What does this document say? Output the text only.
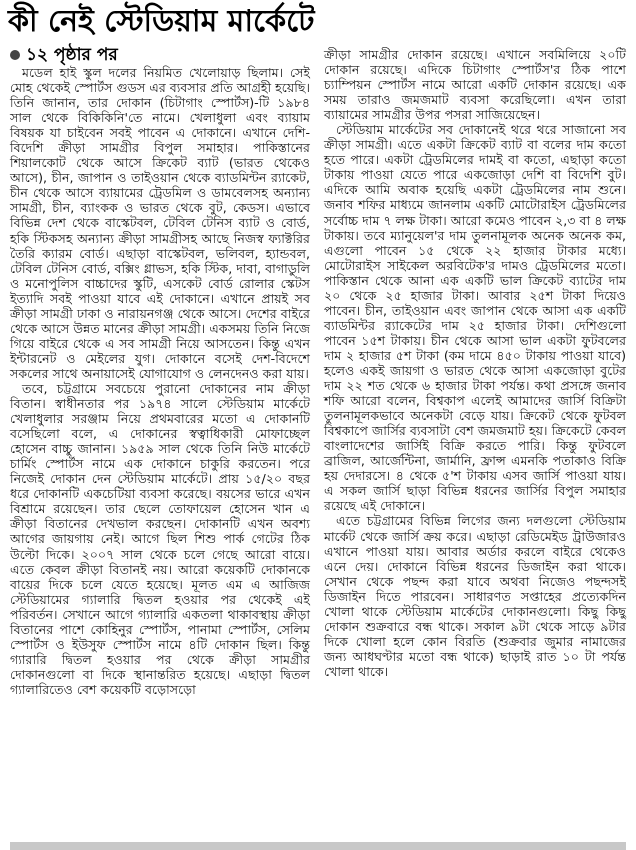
কী নেই স্টেডিয়াম মার্কেটে
১২ পৃষ্ঠার পর

মডেল হাই স্কুল দলের নিয়মিত খেলোয়াড় ছিলাম। সেই মোহ থেকেই স্পোর্টস গুডস এর ব্যবসার প্রতি আগ্রহী হয়েছি। তিনি জানান, তার দোকান (চিটাগাং স্পোর্টস)-টি ১৯৮৪ সাল থেকে বিকিকিনি'তে নামে। খেলাধুলা এবং ব্যায়াম বিষয়ক যা চাইবেন সবই পাবেন এ দোকানে। এখানে দেশি-বিদেশি ক্রীড়া সামগ্রীর বিপুল সমাহার। পাকিস্তানের শিয়ালকোট থেকে আসে ক্রিকেট ব্যাট (ভারত থেকেও আসে), চীন, জাপান ও তাইওয়ান থেকে ব্যাডমিন্টন র‍্যাকেট, চীন থেকে আসে ব্যায়ামের ট্রেডমিল ও ডামবেলসহ অন্যান্য সামগ্রী, চীন, ব্যাংকক ও ভারত থেকে বুট, কেডস। এভাবে বিভিন্ন দেশ থেকে বাস্কেটবল, টেবিল টেনিস ব্যাট ও বোর্ড, হকি স্টিকসহ অন্যান্য ক্রীড়া সামগ্রীসহ আছে নিজস্ব ফ্যাক্টরির তৈরি ক্যারম বোর্ড। এছাড়া বাস্কেটবল, ভলিবল, হ্যান্ডবল, টেবিল টেনিস বোর্ড, বক্সিং গ্লাভস, হকি স্টিক, দাবা, বাগাডুলি ও মনোপুলিস বাচ্চাদের স্কুটি, এসকেট বোর্ড রোলার স্কেটস ইত্যাদি সবই পাওয়া যাবে এই দোকানে। এখানে প্রায়ই সব ক্রীড়া সামগ্রী ঢাকা ও নারায়নগঞ্জ থেকে আসে। দেশের বাইরে থেকে আসে উন্নত মানের ক্রীড়া সামগ্রী। একসময় তিনি নিজে গিয়ে বাইরে থেকে এ সব সামগ্রী নিয়ে আসতেন। কিন্তু এখন ইন্টারনেট ও মেইলের যুগ। দোকানে বসেই দেশ-বিদেশে সকলের সাথে অনায়াসেই যোগাযোগ ও লেনদেনও করা যায়।

তবে, চট্টগ্রামে সবচেয়ে পুরানো দোকানের নাম ক্রীড়া বিতান। স্বাধীনতার পর ১৯৭৪ সালে স্টেডিয়াম মার্কেটে খেলাধুলার সরঞ্জাম নিয়ে প্রথমবারের মতো এ দোকানটি বসেছিলো বলে, এ দোকানের স্বত্বাধিকারী মোফাচ্ছেল হোসেন বাচ্চু জানান। ১৯৫৯ সাল থেকে তিনি নিউ মার্কেটে চার্মিং স্পোর্টস নামে এক দোকানে চাকুরি করতেন। পরে নিজেই দোকান দেন স্টেডিয়াম মার্কেটে। প্রায় ১৫/২০ বছর ধরে দোকানটি একচেটিয়া ব্যবসা করেছে। বয়সের ভারে এখন বিশ্রামে রয়েছেন। তার ছেলে তোফায়েল হোসেন খান এ ক্রীড়া বিতানের দেখভাল করছেন। দোকানটি এখন অবশ্য আগের জায়গায় নেই। আগে ছিল শিশু পার্ক গেটের ঠিক উল্টো দিকে। ২০০৭ সাল থেকে চলে গেছে আরো বায়ে। এতে কেবল ক্রীড়া বিতানই নয়। আরো কয়েকটি দোকানকে বায়ের দিকে চলে যেতে হয়েছে। মূলত এম এ আজিজ স্টেডিয়ামের গ্যালারি দ্বিতল হওয়ার পর থেকেই এই পরিবর্তন। সেখানে আগে গ্যালারি একতলা থাকাবস্থায় ক্রীড়া বিতানের পাশে কোহিনুর স্পোর্টস, পানামা স্পোর্টস, সেলিম স্পোর্টস ও ইউসুফ স্পোর্টস নামে ৪টি দোকান ছিল। কিন্তু গ্যারারি দ্বিতল হওয়ার পর থেকে ক্রীড়া সামগ্রীর দোকানগুলো বা দিকে স্থানান্তরিত হয়েছে। এছাড়া দ্বিতল গ্যালারিতেও বেশ কয়েকটি বড়োসড়ো

ক্রীড়া সামগ্রীর দোকান রয়েছে। এখানে সবমিলিয়ে ২০টি দোকান রয়েছে। এদিকে চিটাগাং স্পোর্টস'র ঠিক পাশে চ্যাম্পিয়ন স্পোর্টস নামে আরো একটি দোকান রয়েছে। এক সময় তারাও জমজমাট ব্যবসা করেছিলো। এখন তারা ব্যায়ামের সামগ্রীর উপর পসরা সাজিয়েছেন।

স্টেডিয়াম মার্কেটের সব দোকানেই থরে থরে সাজানো সব ক্রীড়া সামগ্রী। এতে একটা ক্রিকেট ব্যাট বা বলের দাম কতো হতে পারে। একটা ট্রেডমিলের দামই বা কতো, এছাড়া কতো টাকায় পাওয়া যেতে পারে একজোড়া দেশি বা বিদেশি বুট। এদিকে আমি অবাক হয়েছি একটা ট্রেডমিলের নাম শুনে। জনাব শফির মাধ্যমে জানলাম একটি মোটোরাইস ট্রেডমিলের সর্বোচ্চ দাম ৭ লক্ষ টাকা। আরো কমেও পাবেন ২,৩ বা ৪ লক্ষ টাকায়। তবে ম্যানুয়েল'র দাম তুলনামূলক অনেক অনেক কম, এগুলো পাবেন ১৫ থেকে ২২ হাজার টাকার মধ্যে। মোটোরাইস সাইকেল অরবিটেক'র দামও ট্রেডমিলের মতো। পাকিস্তান থেকে আনা এক একটি ভাল ক্রিকেট ব্যাটের দাম ২০ থেকে ২৫ হাজার টাকা। আবার ২৫শ টাকা দিয়েও পাবেন। চীন, তাইওয়ান এবং জাপান থেকে আসা এক একটি ব্যাডমিন্টর র‍্যাকেটের দাম ২৫ হাজার টাকা। দেশিগুলো পাবেন ১৫শ টাকায়। চীন থেকে আসা ভাল একটা ফুটবলের দাম ২ হাজার ৫শ টাকা (কম দামে ৪৫০ টাকায় পাওয়া যাবে) হলেও একই জায়গা ও ভারত থেকে আসা একজোড়া বুটের দাম ২২ শত থেকে ৬ হাজার টাকা পর্যন্ত। কথা প্রসঙ্গে জনাব শফি আরো বলেন, বিশ্বকাপ এলেই আমাদের জার্সি বিক্রিটা তুলনামূলকভাবে অনেকটা বেড়ে যায়। ক্রিকেট থেকে ফুটবল বিশ্বকাপে জার্সির ব্যবসাটা বেশ জমজমাট হয়। ক্রিকেটে কেবল বাংলাদেশের জার্সিই বিক্রি করতে পারি। কিন্তু ফুটবলে ব্রাজিল, আর্জেন্টিনা, জার্মানি, ফ্রান্স এমনকি পতাকাও বিক্রি হয় দেদারসে। ৪ থেকে ৫'শ টাকায় এসব জার্সি পাওয়া যায়। এ সকল জার্সি ছাড়া বিভিন্ন ধরনের জার্সির বিপুল সমাহার রয়েছে এই দোকানে।

এতে চট্টগ্রামের বিভিন্ন লিগের জন্য দলগুলো স্টেডিয়াম মার্কেট থেকে জার্সি ক্রয় করে। এছাড়া রেডিমেইড ট্রাউজারও এখানে পাওয়া যায়। আবার অর্ডার করলে বাইরে থেকেও এনে দেয়। দোকানে বিভিন্ন ধরনের ডিজাইন করা থাকে। সেখান থেকে পছন্দ করা যাবে অথবা নিজেও পছন্দসই ডিজাইন দিতে পারবেন। সাধারণত সপ্তাহের প্রত্যেকদিন খোলা থাকে স্টেডিয়াম মার্কেটের দোকানগুলো। কিছু কিছু দোকান শুক্রবারে বন্ধ থাকে। সকাল ৯টা থেকে সাড়ে ৯টার দিকে খোলা হলে কোন বিরতি (শুক্রবার জুমার নামাজের জন্য আধঘণ্টার মতো বন্ধ থাকে) ছাড়াই রাত ১০ টা পর্যন্ত খোলা থাকে।
